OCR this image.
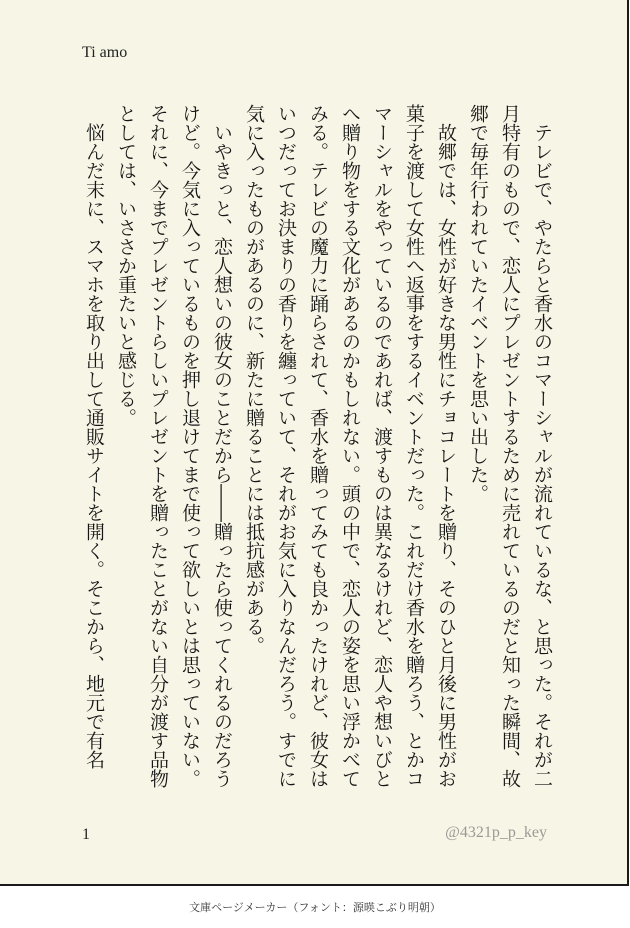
Ti amo

テレビで、やたらと香水のコマーシャルが流れているな、と思った。それが二月特有のもので、恋人にプレゼントするために売れているのだと知った瞬間、故郷で毎年行われていたイベントを思い出した。

故郷では、女性が好きな男性にチョコレートを贈り、そのひと月後に男性がお菓子を渡して女性へ返事をするイベントだった。これだけ香水を贈ろう、とかコマーシャルをやっているのであれば、渡すものは異なるけれど、恋人や想いびとへ贈り物をする文化があるのかもしれない。頭の中で、恋人の姿を思い浮かべてみる。テレビの魔力に踊らされて、香水を贈ってみても良かったけれど、彼女はいつだってお決まりの香りを纏っていて、それがお気に入りなんだろう。すでに気に入ったものがあるのに、新たに贈ることには抵抗感がある。

いやきっと、恋人想いの彼女のことだから――贈ったら使ってくれるのだろうけど。今気に入っているものを押し退けてまで使って欲しいとは思っていない。それに、今までプレゼントらしいプレゼントを贈ったことがない自分が渡す品物としては、いささか重たいと感じる。

悩んだ末に、スマホを取り出して通販サイトを開く。そこから、地元で有名

1	@4321p_p_key
文庫ページメーカー（フォント：源暎こぶり明朝）
